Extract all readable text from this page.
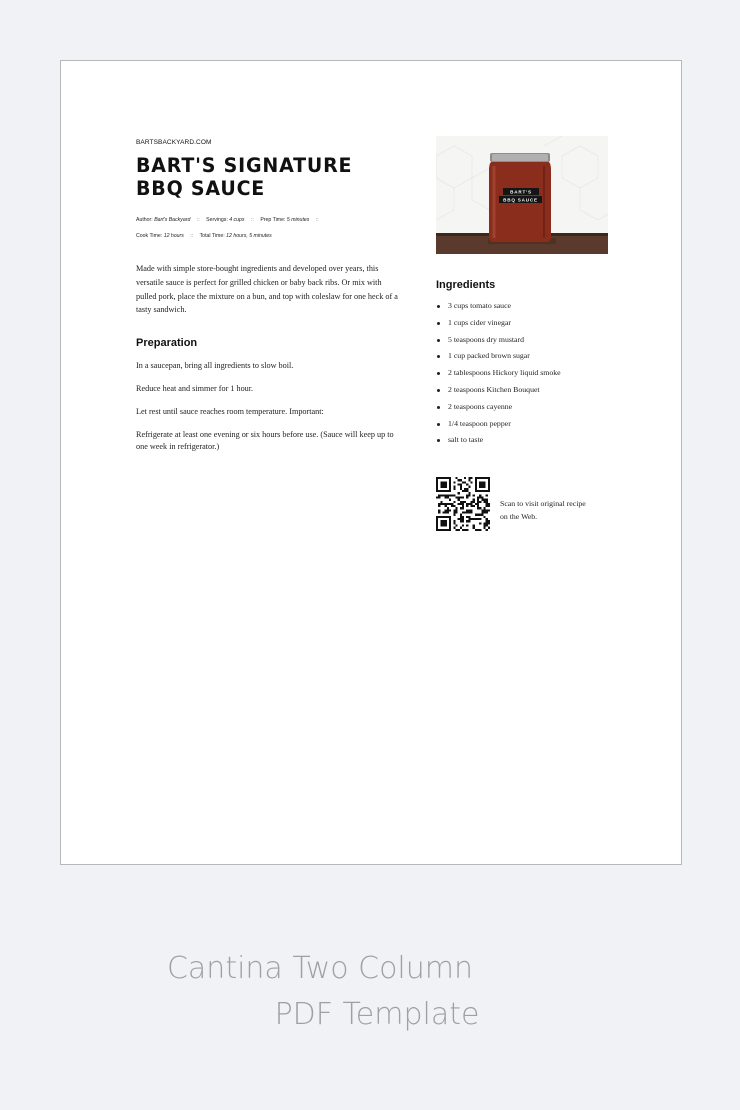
BARTSBACKYARD.COM
BART'S SIGNATURE BBQ SAUCE
Author: Bart's Backyard :: Servings: 4 cups :: Prep Time: 5 minutes ::
Cook Time: 12 hours :: Total Time: 12 hours, 5 minutes

Made with simple store-bought ingredients and developed over years, this versatile sauce is perfect for grilled chicken or baby back ribs. Or mix with pulled pork, place the mixture on a bun, and top with coleslaw for one heck of a tasty sandwich.

Preparation

In a saucepan, bring all ingredients to slow boil.

Reduce heat and simmer for 1 hour.

Let rest until sauce reaches room temperature. Important:

Refrigerate at least one evening or six hours before use. (Sauce will keep up to one week in refrigerator.)

BART'S
BBQ SAUCE
Ingredients
3 cups tomato sauce
1 cups cider vinegar
5 teaspoons dry mustard
1 cup packed brown sugar
2 tablespoons Hickory liquid smoke
2 teaspoons Kitchen Bouquet
2 teaspoons cayenne
1/4 teaspoon pepper
salt to taste
Scan to visit original recipe on the Web.
Cantina Two Column
PDF Template
